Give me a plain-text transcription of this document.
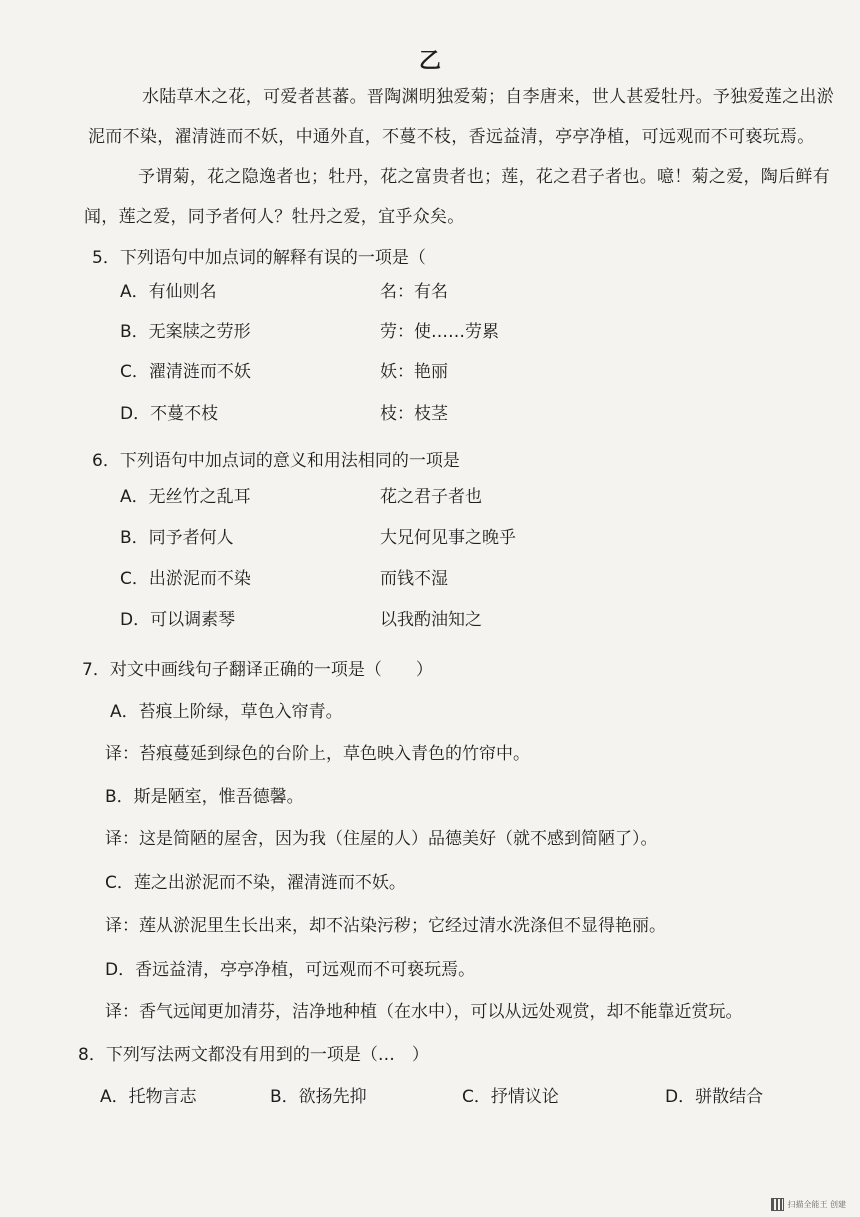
乙
水陆草木之花，可爱者甚蕃。晋陶渊明独爱菊；自李唐来，世人甚爱牡丹。予独爱莲之出淤
泥而不染，濯清涟而不妖，中通外直，不蔓不枝，香远益清，亭亭净植，可远观而不可亵玩焉。
予谓菊，花之隐逸者也；牡丹，花之富贵者也；莲，花之君子者也。噫！菊之爱，陶后鲜有
闻，莲之爱，同予者何人？牡丹之爱，宜乎众矣。
5．下列语句中加点词的解释有误的一项是（
A．有仙则名	名：有名
B．无案牍之劳形	劳：使……劳累
C．濯清涟而不妖	妖：艳丽
D．不蔓不枝	枝：枝茎
6．下列语句中加点词的意义和用法相同的一项是
A．无丝竹之乱耳	花之君子者也
B．同予者何人	大兄何见事之晚乎
C．出淤泥而不染	而钱不湿
D．可以调素琴	以我酌油知之
7．对文中画线句子翻译正确的一项是（　　）
A．苔痕上阶绿，草色入帘青。
译：苔痕蔓延到绿色的台阶上，草色映入青色的竹帘中。
B．斯是陋室，惟吾德馨。
译：这是简陋的屋舍，因为我（住屋的人）品德美好（就不感到简陋了）。
C．莲之出淤泥而不染，濯清涟而不妖。
译：莲从淤泥里生长出来，却不沾染污秽；它经过清水洗涤但不显得艳丽。
D．香远益清，亭亭净植，可远观而不可亵玩焉。
译：香气远闻更加清芬，洁净地种植（在水中），可以从远处观赏，却不能靠近赏玩。
8．下列写法两文都没有用到的一项是（…　）
A．托物言志	B．欲扬先抑	C．抒情议论	D．骈散结合
扫描全能王 创建
